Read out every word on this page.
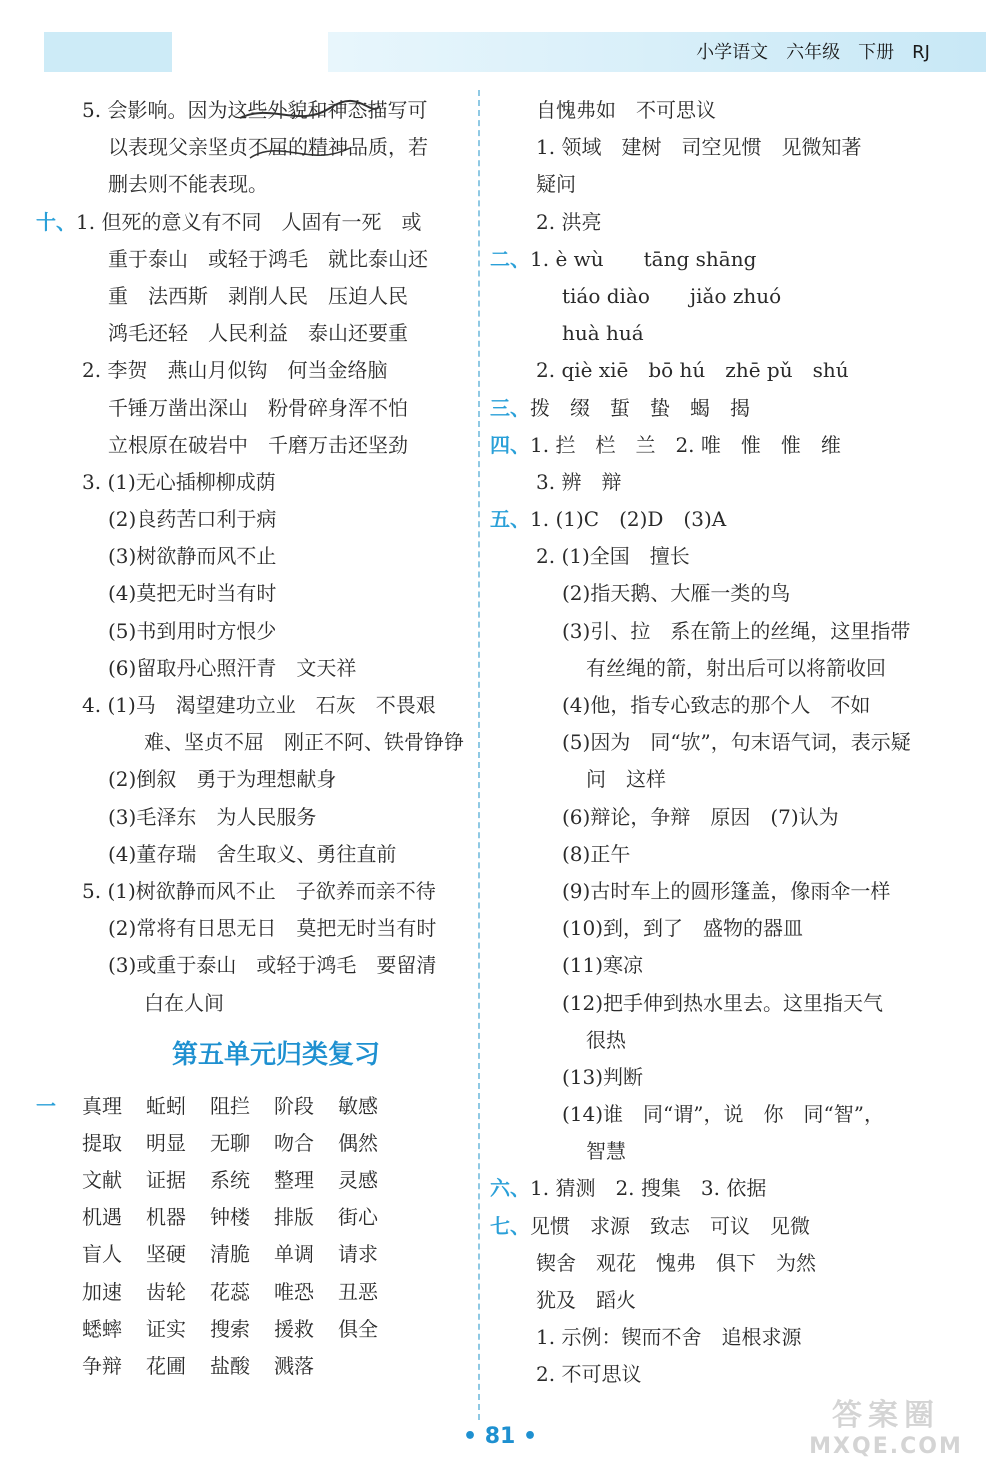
小学语文　六年级　下册　RJ
5. 会影响。因为这些外貌和神态描写可
以表现父亲坚贞不屈的精神品质，若
删去则不能表现。
十、1. 但死的意义有不同　人固有一死　或
重于泰山　或轻于鸿毛　就比泰山还
重　法西斯　剥削人民　压迫人民
鸿毛还轻　人民利益　泰山还要重
2. 李贺　燕山月似钩　何当金络脑
千锤万凿出深山　粉骨碎身浑不怕
立根原在破岩中　千磨万击还坚劲
3. (1)无心插柳柳成荫
(2)良药苦口利于病
(3)树欲静而风不止
(4)莫把无时当有时
(5)书到用时方恨少
(6)留取丹心照汗青　文天祥
4. (1)马　渴望建功立业　石灰　不畏艰
难、坚贞不屈　刚正不阿、铁骨铮铮
(2)倒叙　勇于为理想献身
(3)毛泽东　为人民服务
(4)董存瑞　舍生取义、勇往直前
5. (1)树欲静而风不止　子欲养而亲不待
(2)常将有日思无日　莫把无时当有时
(3)或重于泰山　或轻于鸿毛　要留清
白在人间
第五单元归类复习
一 真理 蚯蚓 阻拦 阶段 敏感
提取 明显 无聊 吻合 偶然
文献 证据 系统 整理 灵感
机遇 机器 钟楼 排版 街心
盲人 坚硬 清脆 单调 请求
加速 齿轮 花蕊 唯恐 丑恶
蟋蟀 证实 搜索 援救 俱全
争辩 花圃 盐酸 溅落
自愧弗如　不可思议
1. 领域　建树　司空见惯　见微知著
疑问
2. 洪亮
二、1. è wù　　tāng shāng
tiáo diào　　jiǎo zhuó
huà huá
2. qiè xiē　bō hú　zhē pǔ　shú
三、拨　缀　蜇　蛰　蝎　揭
四、1. 拦　栏　兰　2. 唯　惟　惟　维
3. 辨　辩
五、1. (1)C　(2)D　(3)A
2. (1)全国　擅长
(2)指天鹅、大雁一类的鸟
(3)引、拉　系在箭上的丝绳，这里指带
有丝绳的箭，射出后可以将箭收回
(4)他，指专心致志的那个人　不如
(5)因为　同“欤”，句末语气词，表示疑
问　这样
(6)辩论，争辩　原因　(7)认为
(8)正午
(9)古时车上的圆形篷盖，像雨伞一样
(10)到，到了　盛物的器皿
(11)寒凉
(12)把手伸到热水里去。这里指天气
很热
(13)判断
(14)谁　同“谓”，说　你　同“智”，
智慧
六、1. 猜测　2. 搜集　3. 依据
七、见惯　求源　致志　可议　见微
锲舍　观花　愧弗　俱下　为然
犹及　蹈火
1. 示例：锲而不舍　追根求源
2. 不可思议
• 81 •
答案圈
MXQE.COM
